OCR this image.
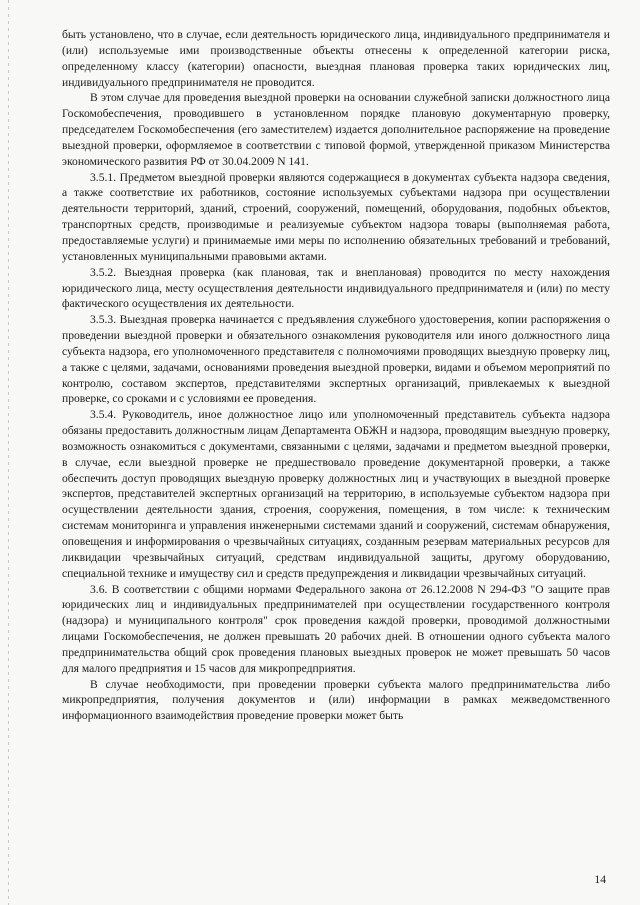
быть установлено, что в случае, если деятельность юридического лица, индивидуального предпринимателя и (или) используемые ими производственные объекты отнесены к определенной категории риска, определенному классу (категории) опасности, выездная плановая проверка таких юридических лиц, индивидуального предпринимателя не проводится.

В этом случае для проведения выездной проверки на основании служебной записки должностного лица Госкомобеспечения, проводившего в установленном порядке плановую документарную проверку, председателем Госкомобеспечения (его заместителем) издается дополнительное распоряжение на проведение выездной проверки, оформляемое в соответствии с типовой формой, утвержденной приказом Министерства экономического развития РФ от 30.04.2009 N 141.

3.5.1. Предметом выездной проверки являются содержащиеся в документах субъекта надзора сведения, а также соответствие их работников, состояние используемых субъектами надзора при осуществлении деятельности территорий, зданий, строений, сооружений, помещений, оборудования, подобных объектов, транспортных средств, производимые и реализуемые субъектом надзора товары (выполняемая работа, предоставляемые услуги) и принимаемые ими меры по исполнению обязательных требований и требований, установленных муниципальными правовыми актами.

3.5.2. Выездная проверка (как плановая, так и внеплановая) проводится по месту нахождения юридического лица, месту осуществления деятельности индивидуального предпринимателя и (или) по месту фактического осуществления их деятельности.

3.5.3. Выездная проверка начинается с предъявления служебного удостоверения, копии распоряжения о проведении выездной проверки и обязательного ознакомления руководителя или иного должностного лица субъекта надзора, его уполномоченного представителя с полномочиями проводящих выездную проверку лиц, а также с целями, задачами, основаниями проведения выездной проверки, видами и объемом мероприятий по контролю, составом экспертов, представителями экспертных организаций, привлекаемых к выездной проверке, со сроками и с условиями ее проведения.

3.5.4. Руководитель, иное должностное лицо или уполномоченный представитель субъекта надзора обязаны предоставить должностным лицам Департамента ОБЖН и надзора, проводящим выездную проверку, возможность ознакомиться с документами, связанными с целями, задачами и предметом выездной проверки, в случае, если выездной проверке не предшествовало проведение документарной проверки, а также обеспечить доступ проводящих выездную проверку должностных лиц и участвующих в выездной проверке экспертов, представителей экспертных организаций на территорию, в используемые субъектом надзора при осуществлении деятельности здания, строения, сооружения, помещения, в том числе: к техническим системам мониторинга и управления инженерными системами зданий и сооружений, системам обнаружения, оповещения и информирования о чрезвычайных ситуациях, созданным резервам материальных ресурсов для ликвидации чрезвычайных ситуаций, средствам индивидуальной защиты, другому оборудованию, специальной технике и имуществу сил и средств предупреждения и ликвидации чрезвычайных ситуаций.

3.6. В соответствии с общими нормами Федерального закона от 26.12.2008 N 294-ФЗ "О защите прав юридических лиц и индивидуальных предпринимателей при осуществлении государственного контроля (надзора) и муниципального контроля" срок проведения каждой проверки, проводимой должностными лицами Госкомобеспечения, не должен превышать 20 рабочих дней. В отношении одного субъекта малого предпринимательства общий срок проведения плановых выездных проверок не может превышать 50 часов для малого предприятия и 15 часов для микропредприятия.

В случае необходимости, при проведении проверки субъекта малого предпринимательства либо микропредприятия, получения документов и (или) информации в рамках межведомственного информационного взаимодействия проведение проверки может быть

14
